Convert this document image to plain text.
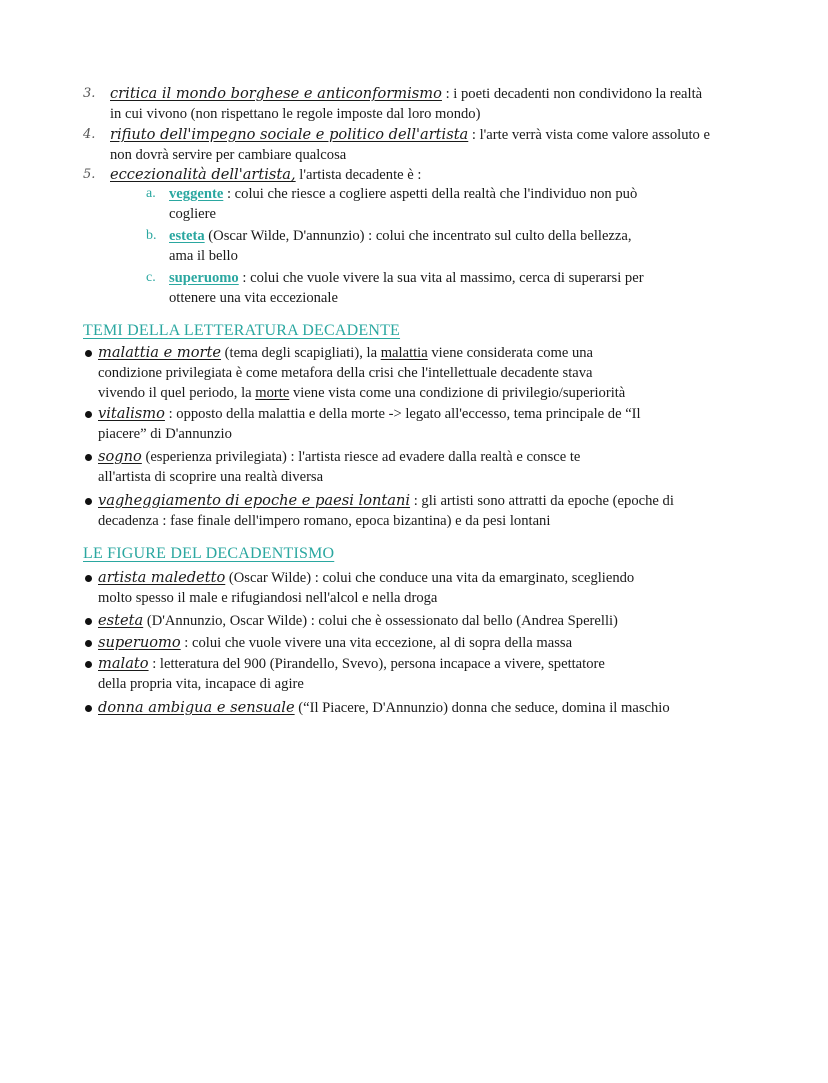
3. critica il mondo borghese e anticonformismo : i poeti decadenti non condividono la realtà
in cui vivono (non rispettano le regole imposte dal loro mondo)
4. rifiuto dell'impegno sociale e politico dell'artista : l'arte verrà vista come valore assoluto e
non dovrà servire per cambiare qualcosa
5. eccezionalità dell'artista, l'artista decadente è :
a. veggente : colui che riesce a cogliere aspetti della realtà che l'individuo non può
cogliere
b. esteta (Oscar Wilde, D'annunzio) : colui che incentrato sul culto della bellezza,
ama il bello
c. superuomo : colui che vuole vivere la sua vita al massimo, cerca di superarsi per
ottenere una vita eccezionale
TEMI DELLA LETTERATURA DECADENTE
malattia e morte (tema degli scapigliati), la malattia viene considerata come una
condizione privilegiata è come metafora della crisi che l'intellettuale decadente stava
vivendo il quel periodo, la morte viene vista come una condizione di privilegio/superiorità
vitalismo : opposto della malattia e della morte -> legato all'eccesso, tema principale de “Il
piacere” di D'annunzio
sogno (esperienza privilegiata) : l'artista riesce ad evadere dalla realtà e consce te
all'artista di scoprire una realtà diversa
vagheggiamento di epoche e paesi lontani : gli artisti sono attratti da epoche (epoche di
decadenza : fase finale dell'impero romano, epoca bizantina) e da pesi lontani
LE FIGURE DEL DECADENTISMO
artista maledetto (Oscar Wilde) : colui che conduce una vita da emarginato, scegliendo
molto spesso il male e rifugiandosi nell'alcol e nella droga
esteta (D'Annunzio, Oscar Wilde) : colui che è ossessionato dal bello (Andrea Sperelli)
superuomo : colui che vuole vivere una vita eccezione, al di sopra della massa
malato : letteratura del 900 (Pirandello, Svevo), persona incapace a vivere, spettatore
della propria vita, incapace di agire
donna ambigua e sensuale (“Il Piacere, D'Annunzio) donna che seduce, domina il maschio
